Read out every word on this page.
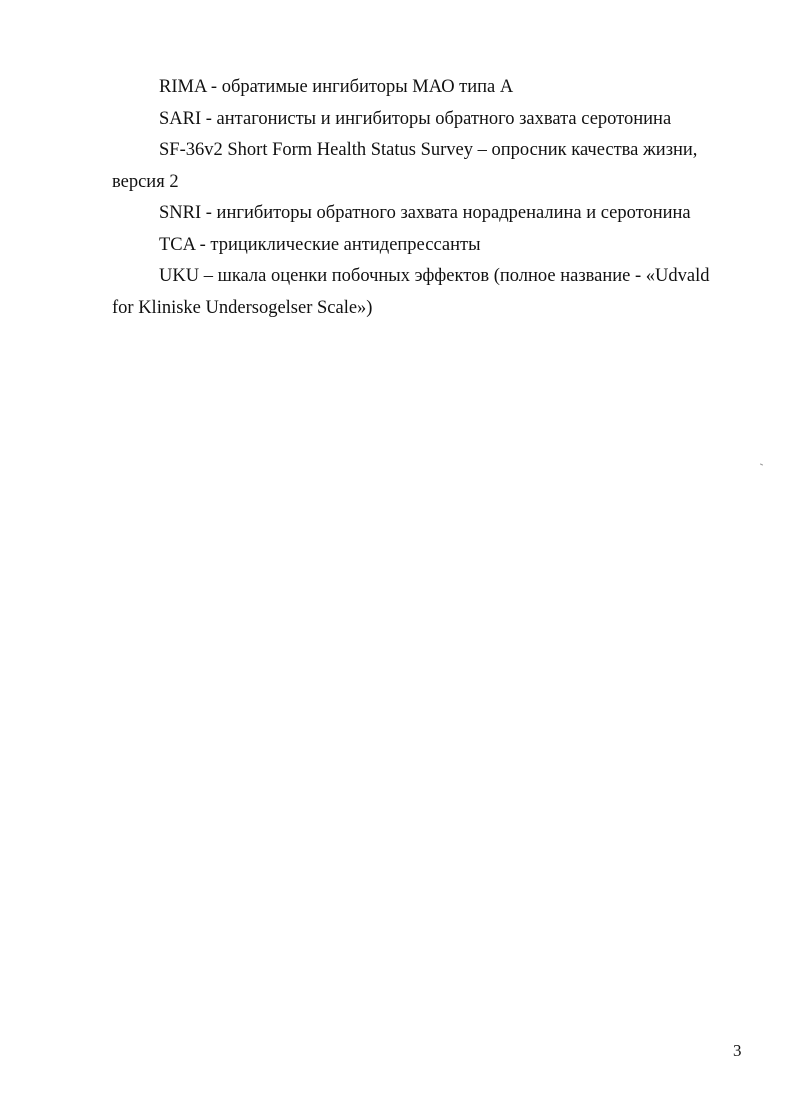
RIMA - обратимые ингибиторы МАО типа А
SARI - антагонисты и ингибиторы обратного захвата серотонина
SF-36v2 Short Form Health Status Survey – опросник качества жизни,
версия 2
SNRI - ингибиторы обратного захвата норадреналина и серотонина
TCA - трициклические антидепрессанты
UKU – шкала оценки побочных эффектов (полное название - «Udvald
for Kliniske Undersogelser Scale»)
3
